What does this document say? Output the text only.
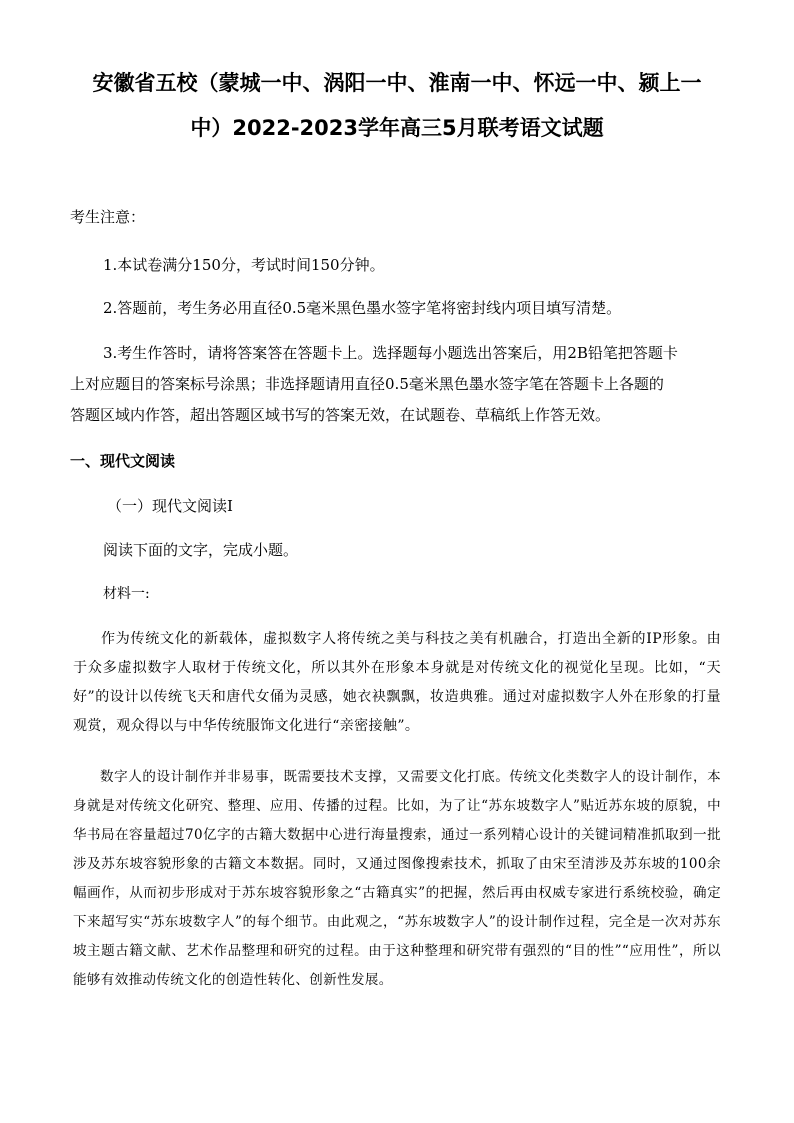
安徽省五校（蒙城一中、涡阳一中、淮南一中、怀远一中、颍上一
中）2022-2023学年高三5月联考语文试题
考生注意：
1.本试卷满分150分，考试时间150分钟。
2.答题前，考生务必用直径0.5毫米黑色墨水签字笔将密封线内项目填写清楚。
3.考生作答时，请将答案答在答题卡上。选择题每小题选出答案后，用2B铅笔把答题卡
上对应题目的答案标号涂黑；非选择题请用直径0.5毫米黑色墨水签字笔在答题卡上各题的
答题区域内作答，超出答题区域书写的答案无效，在试题卷、草稿纸上作答无效。
一、现代文阅读
（一）现代文阅读Ⅰ
阅读下面的文字，完成小题。
材料一:
作为传统文化的新载体，虚拟数字人将传统之美与科技之美有机融合，打造出全新的IP形象。由于众多虚拟数字人取材于传统文化，所以其外在形象本身就是对传统文化的视觉化呈现。比如，“天好”的设计以传统飞天和唐代女俑为灵感，她衣袂飘飘，妆造典雅。通过对虚拟数字人外在形象的打量观赏，观众得以与中华传统服饰文化进行“亲密接触”。
数字人的设计制作并非易事，既需要技术支撑，又需要文化打底。传统文化类数字人的设计制作，本身就是对传统文化研究、整理、应用、传播的过程。比如，为了让“苏东坡数字人”贴近苏东坡的原貌，中华书局在容量超过70亿字的古籍大数据中心进行海量搜索，通过一系列精心设计的关键词精准抓取到一批涉及苏东坡容貌形象的古籍文本数据。同时，又通过图像搜索技术，抓取了由宋至清涉及苏东坡的100余幅画作，从而初步形成对于苏东坡容貌形象之“古籍真实”的把握，然后再由权威专家进行系统校验，确定下来超写实“苏东坡数字人”的每个细节。由此观之，“苏东坡数字人”的设计制作过程，完全是一次对苏东坡主题古籍文献、艺术作品整理和研究的过程。由于这种整理和研究带有强烈的“目的性”“应用性”，所以能够有效推动传统文化的创造性转化、创新性发展。
